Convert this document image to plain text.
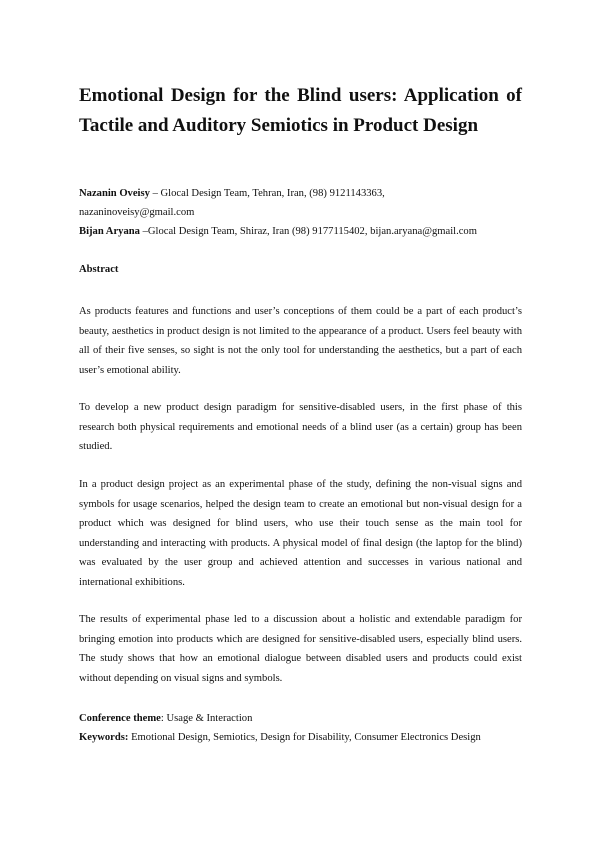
Emotional Design for the Blind users: Application of Tactile and Auditory Semiotics in Product Design

Nazanin Oveisy – Glocal Design Team, Tehran, Iran, (98) 9121143363,

nazaninoveisy@gmail.com

Bijan Aryana –Glocal Design Team, Shiraz, Iran (98) 9177115402, bijan.aryana@gmail.com

Abstract

As products features and functions and user’s conceptions of them could be a part of each product’s beauty, aesthetics in product design is not limited to the appearance of a product. Users feel beauty with all of their five senses, so sight is not the only tool for understanding the aesthetics, but a part of each user’s emotional ability.

To develop a new product design paradigm for sensitive-disabled users, in the first phase of this research both physical requirements and emotional needs of a blind user (as a certain) group has been studied.

In a product design project as an experimental phase of the study, defining the non-visual signs and symbols for usage scenarios, helped the design team to create an emotional but non-visual design for a product which was designed for blind users, who use their touch sense as the main tool for understanding and interacting with products. A physical model of final design (the laptop for the blind) was evaluated by the user group and achieved attention and successes in various national and international exhibitions.

The results of experimental phase led to a discussion about a holistic and extendable paradigm for bringing emotion into products which are designed for sensitive-disabled users, especially blind users. The study shows that how an emotional dialogue between disabled users and products could exist without depending on visual signs and symbols.

Conference theme: Usage & Interaction

Keywords: Emotional Design, Semiotics, Design for Disability, Consumer Electronics Design
